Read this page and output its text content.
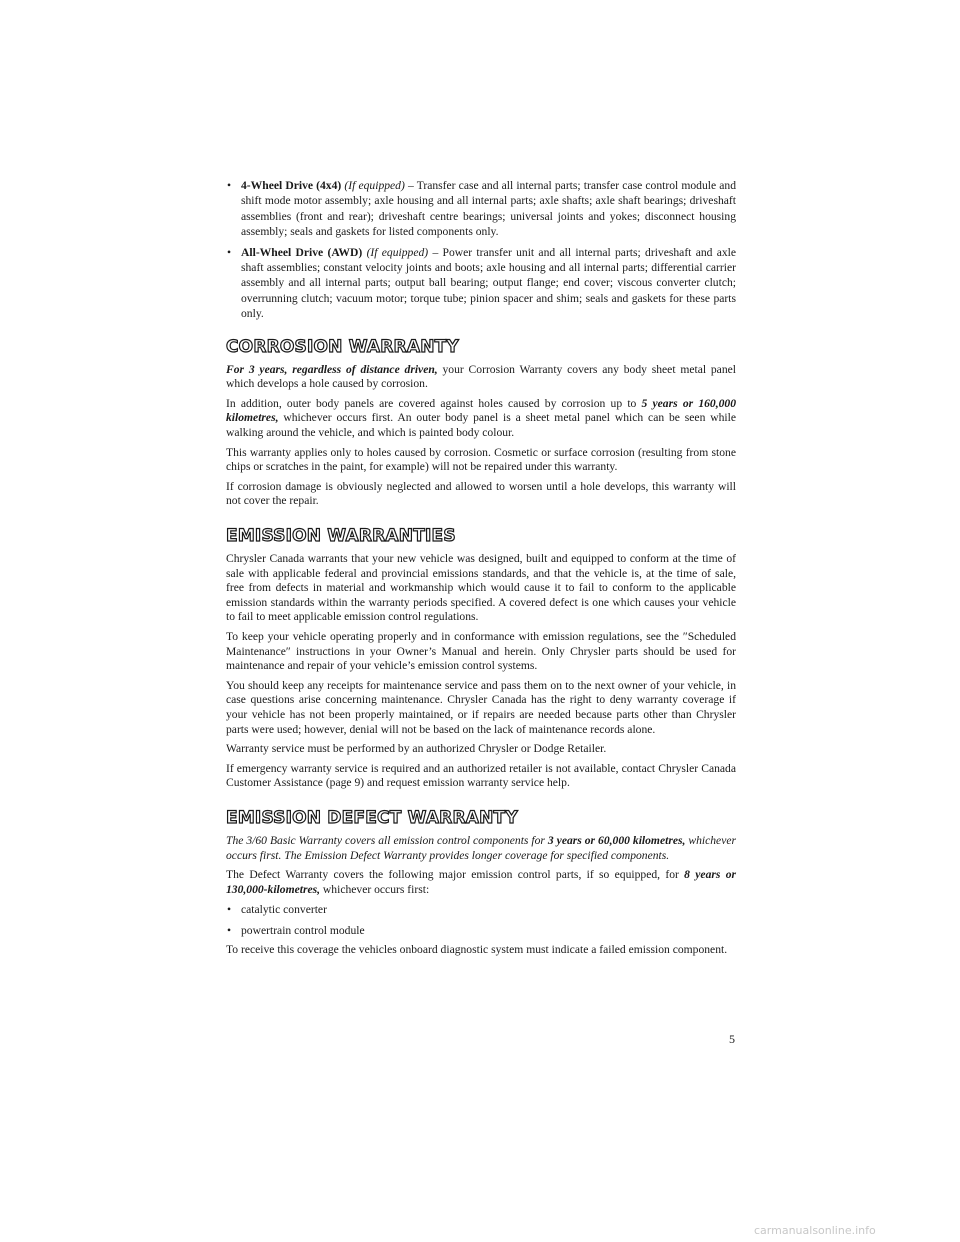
• 4-Wheel Drive (4x4) (If equipped) – Transfer case and all internal parts; transfer case control module and shift mode motor assembly; axle housing and all internal parts; axle shafts; axle shaft bearings; driveshaft assemblies (front and rear); driveshaft centre bearings; universal joints and yokes; disconnect housing assembly; seals and gaskets for listed components only.
• All-Wheel Drive (AWD) (If equipped) – Power transfer unit and all internal parts; driveshaft and axle shaft assemblies; constant velocity joints and boots; axle housing and all internal parts; differential carrier assembly and all internal parts; output ball bearing; output flange; end cover; viscous converter clutch; overrunning clutch; vacuum motor; torque tube; pinion spacer and shim; seals and gaskets for these parts only.
CORROSION WARRANTY

For 3 years, regardless of distance driven, your Corrosion Warranty covers any body sheet metal panel which develops a hole caused by corrosion.

In addition, outer body panels are covered against holes caused by corrosion up to 5 years or 160,000 kilometres, whichever occurs first. An outer body panel is a sheet metal panel which can be seen while walking around the vehicle, and which is painted body colour.

This warranty applies only to holes caused by corrosion. Cosmetic or surface corrosion (resulting from stone chips or scratches in the paint, for example) will not be repaired under this warranty.

If corrosion damage is obviously neglected and allowed to worsen until a hole develops, this warranty will not cover the repair.

EMISSION WARRANTIES

Chrysler Canada warrants that your new vehicle was designed, built and equipped to conform at the time of sale with applicable federal and provincial emissions standards, and that the vehicle is, at the time of sale, free from defects in material and workmanship which would cause it to fail to conform to the applicable emission standards within the warranty periods specified. A covered defect is one which causes your vehicle to fail to meet applicable emission control regulations.

To keep your vehicle operating properly and in conformance with emission regulations, see the ″Scheduled Maintenance″ instructions in your Owner’s Manual and herein. Only Chrysler parts should be used for maintenance and repair of your vehicle’s emission control systems.

You should keep any receipts for maintenance service and pass them on to the next owner of your vehicle, in case questions arise concerning maintenance. Chrysler Canada has the right to deny warranty coverage if your vehicle has not been properly maintained, or if repairs are needed because parts other than Chrysler parts were used; however, denial will not be based on the lack of maintenance records alone.

Warranty service must be performed by an authorized Chrysler or Dodge Retailer.

If emergency warranty service is required and an authorized retailer is not available, contact Chrysler Canada Customer Assistance (page 9) and request emission warranty service help.

EMISSION DEFECT WARRANTY

The 3/60 Basic Warranty covers all emission control components for 3 years or 60,000 kilometres, whichever occurs first. The Emission Defect Warranty provides longer coverage for specified components.

The Defect Warranty covers the following major emission control parts, if so equipped, for 8 years or 130,000-kilometres, whichever occurs first:

• catalytic converter
• powertrain control module

To receive this coverage the vehicles onboard diagnostic system must indicate a failed emission component.

5
carmanualsonline.info
